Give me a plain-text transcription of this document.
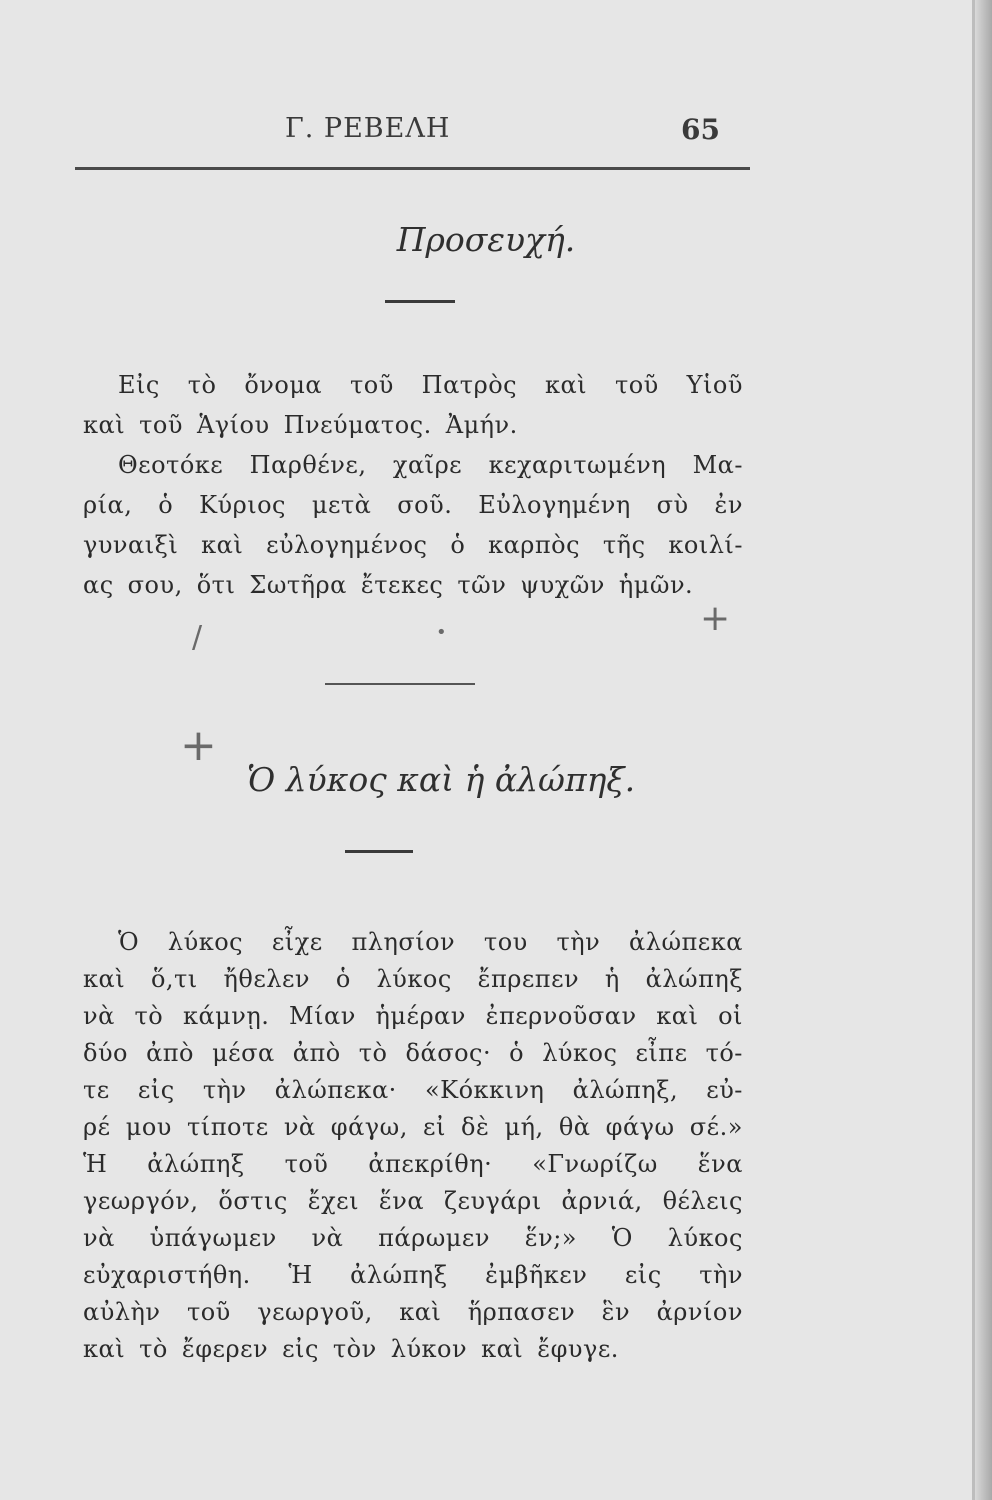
Γ. ΡΕΒΕΛΗ	65
Προσευχή.
Εἰς τὸ ὄνομα τοῦ Πατρὸς καὶ τοῦ Υἱοῦ
καὶ τοῦ Ἁγίου Πνεύματος. Ἀμήν.
Θεοτόκε Παρθένε, χαῖρε κεχαριτωμένη Μα-
ρία, ὁ Κύριος μετὰ σοῦ. Εὐλογημένη σὺ ἐν
γυναιξὶ καὶ εὐλογημένος ὁ καρπὸς τῆς κοιλί-
ας σου, ὅτι Σωτῆρα ἔτεκες τῶν ψυχῶν ἡμῶν.
+
/	•
+
Ὁ λύκος καὶ ἡ ἀλώπηξ.
Ὁ λύκος εἶχε πλησίον του τὴν ἀλώπεκα
καὶ ὅ,τι ἤθελεν ὁ λύκος ἔπρεπεν ἡ ἀλώπηξ
νὰ τὸ κάμνῃ. Μίαν ἡμέραν ἐπερνοῦσαν καὶ οἱ
δύο ἀπὸ μέσα ἀπὸ τὸ δάσος· ὁ λύκος εἶπε τό-
τε εἰς τὴν ἀλώπεκα· «Κόκκινη ἀλώπηξ, εὐ-
ρέ μου τίποτε νὰ φάγω, εἰ δὲ μή, θὰ φάγω σέ.»
Ἡ ἀλώπηξ τοῦ ἀπεκρίθη· «Γνωρίζω ἕνα
γεωργόν, ὅστις ἔχει ἕνα ζευγάρι ἀρνιά, θέλεις
νὰ ὑπάγωμεν νὰ πάρωμεν ἕν;» Ὁ λύκος
εὐχαριστήθη. Ἡ ἀλώπηξ ἐμβῆκεν εἰς τὴν
αὐλὴν τοῦ γεωργοῦ, καὶ ἥρπασεν ἓν ἀρνίον
καὶ τὸ ἔφερεν εἰς τὸν λύκον καὶ ἔφυγε.
